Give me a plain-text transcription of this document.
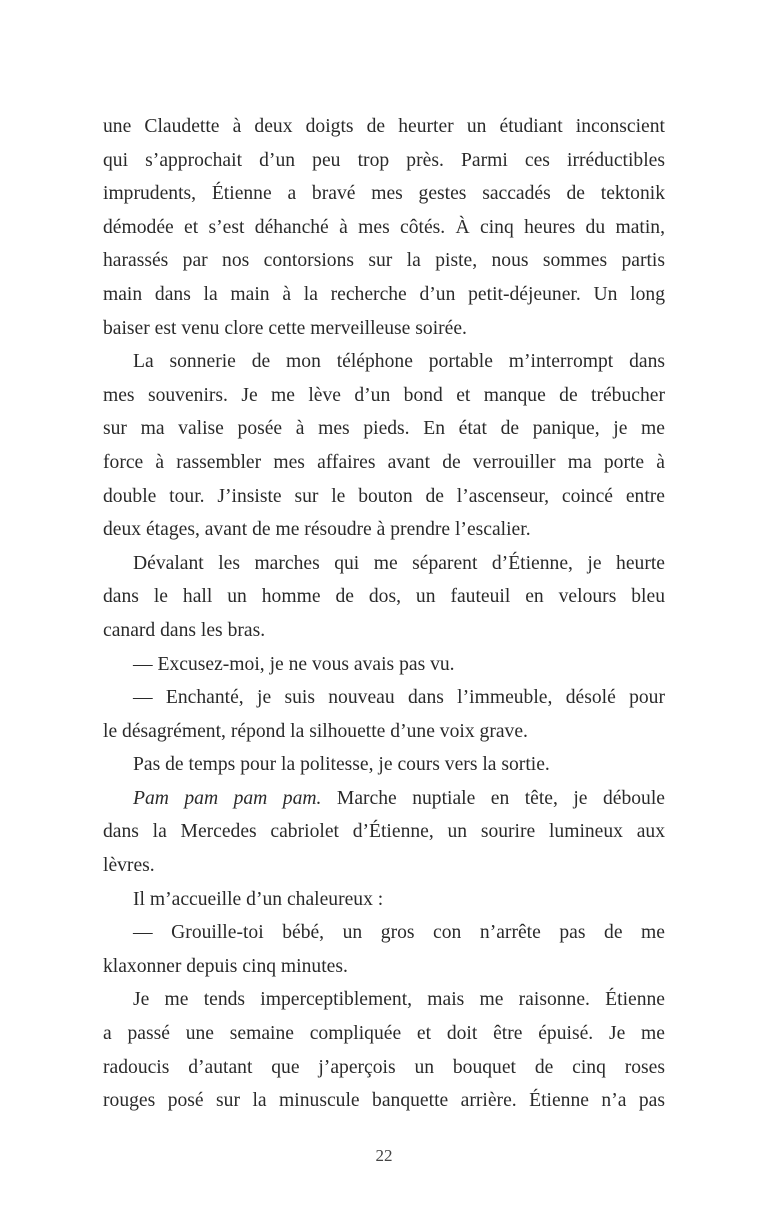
une Claudette à deux doigts de heurter un étudiant inconscient
qui s’approchait d’un peu trop près. Parmi ces irréductibles
imprudents, Étienne a bravé mes gestes saccadés de tektonik
démodée et s’est déhanché à mes côtés. À cinq heures du matin,
harassés par nos contorsions sur la piste, nous sommes partis
main dans la main à la recherche d’un petit-déjeuner. Un long
baiser est venu clore cette merveilleuse soirée.
La sonnerie de mon téléphone portable m’interrompt dans
mes souvenirs. Je me lève d’un bond et manque de trébucher
sur ma valise posée à mes pieds. En état de panique, je me
force à rassembler mes affaires avant de verrouiller ma porte à
double tour. J’insiste sur le bouton de l’ascenseur, coincé entre
deux étages, avant de me résoudre à prendre l’escalier.
Dévalant les marches qui me séparent d’Étienne, je heurte
dans le hall un homme de dos, un fauteuil en velours bleu
canard dans les bras.
— Excusez-moi, je ne vous avais pas vu.
— Enchanté, je suis nouveau dans l’immeuble, désolé pour
le désagrément, répond la silhouette d’une voix grave.
Pas de temps pour la politesse, je cours vers la sortie.
Pam pam pam pam. Marche nuptiale en tête, je déboule
dans la Mercedes cabriolet d’Étienne, un sourire lumineux aux
lèvres.
Il m’accueille d’un chaleureux :
— Grouille-toi bébé, un gros con n’arrête pas de me
klaxonner depuis cinq minutes.
Je me tends imperceptiblement, mais me raisonne. Étienne
a passé une semaine compliquée et doit être épuisé. Je me
radoucis d’autant que j’aperçois un bouquet de cinq roses
rouges posé sur la minuscule banquette arrière. Étienne n’a pas
22
